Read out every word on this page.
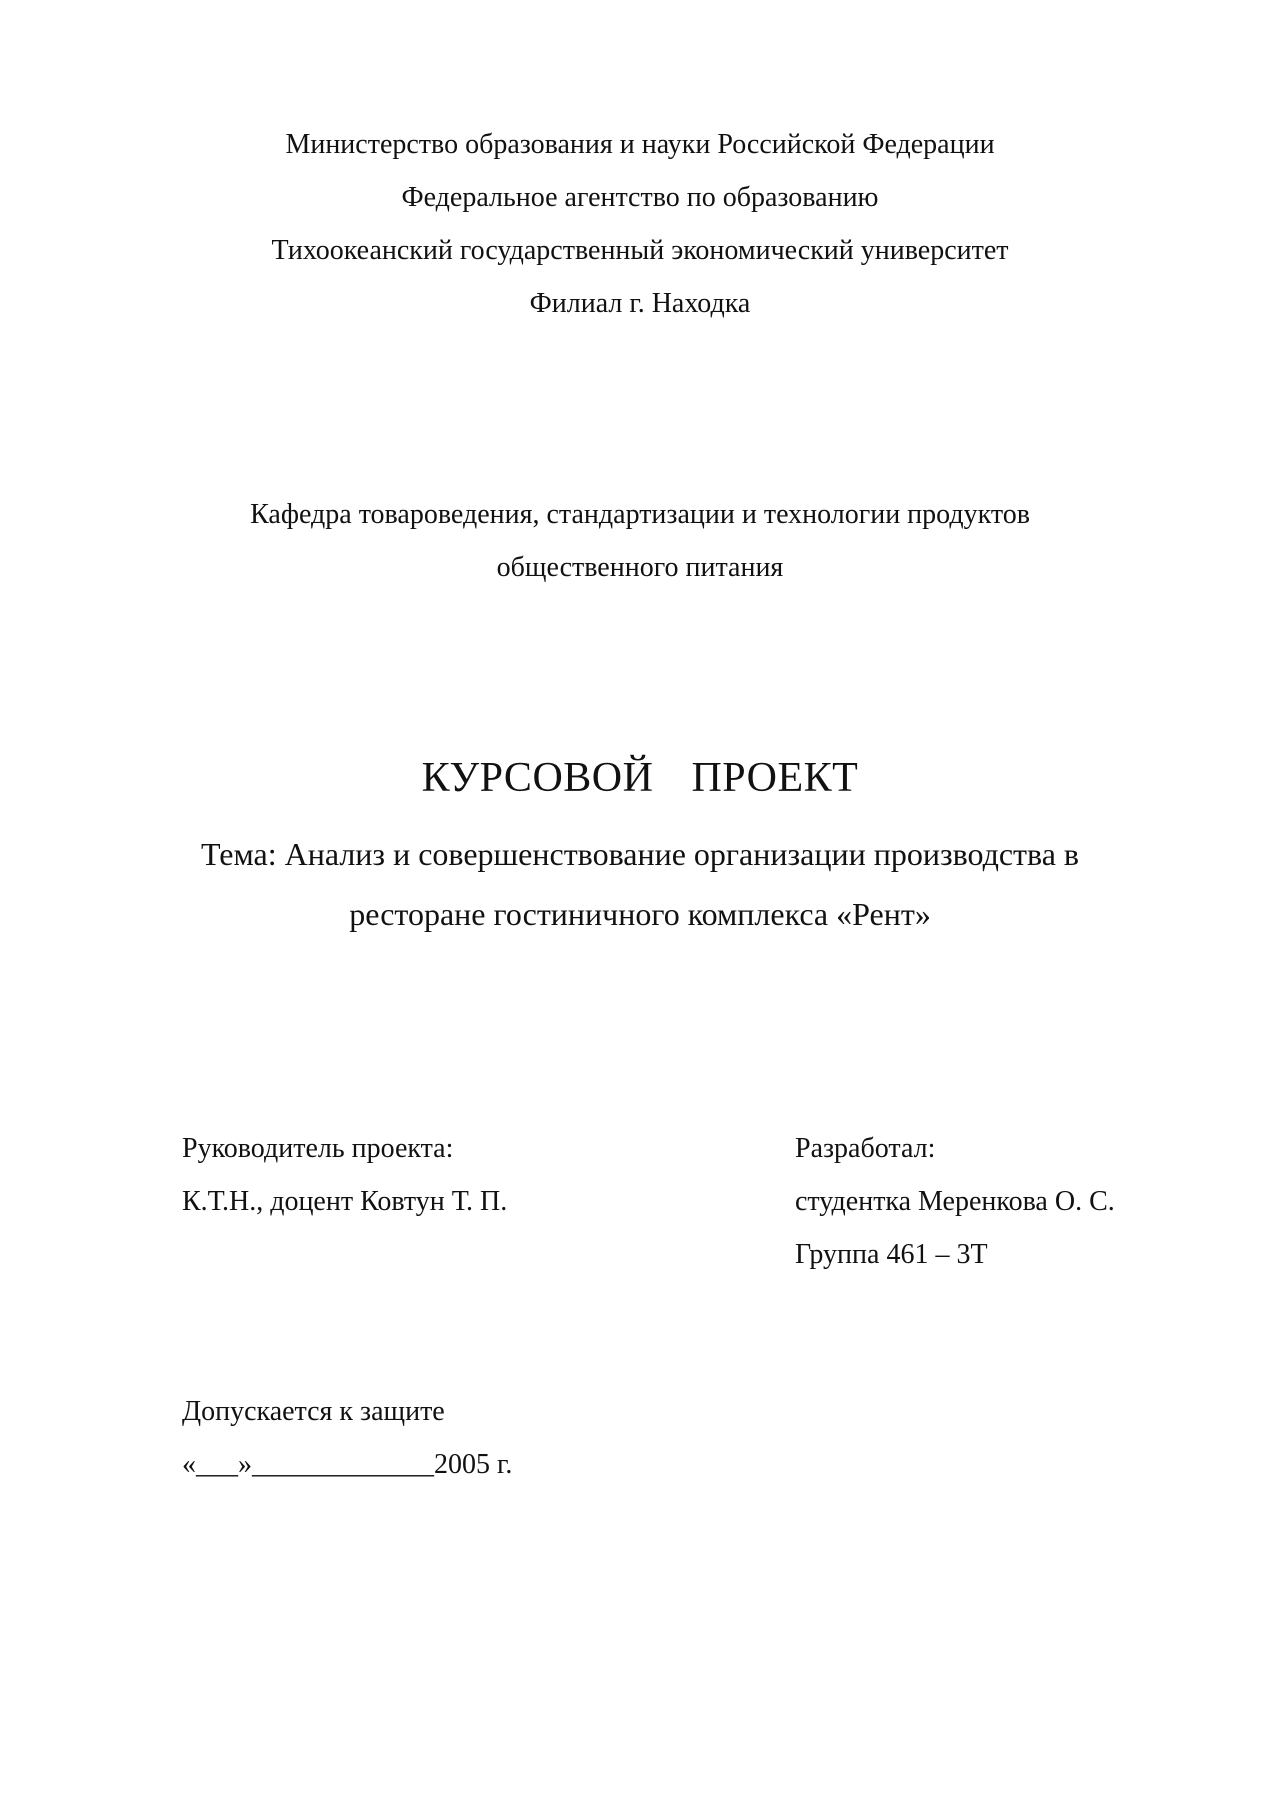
Министерство образования и науки Российской Федерации
Федеральное агентство по образованию
Тихоокеанский государственный экономический университет
Филиал г. Находка
Кафедра товароведения, стандартизации и технологии продуктов
общественного питания
КУРСОВОЙ  ПРОЕКТ
Тема: Анализ и совершенствование организации производства в
ресторане гостиничного комплекса «Рент»
Руководитель проекта:
К.Т.Н., доцент Ковтун Т. П.
Разработал:
студентка Меренкова О. С.
Группа 461 – 3Т
Допускается к защите
«___»_____________2005 г.
